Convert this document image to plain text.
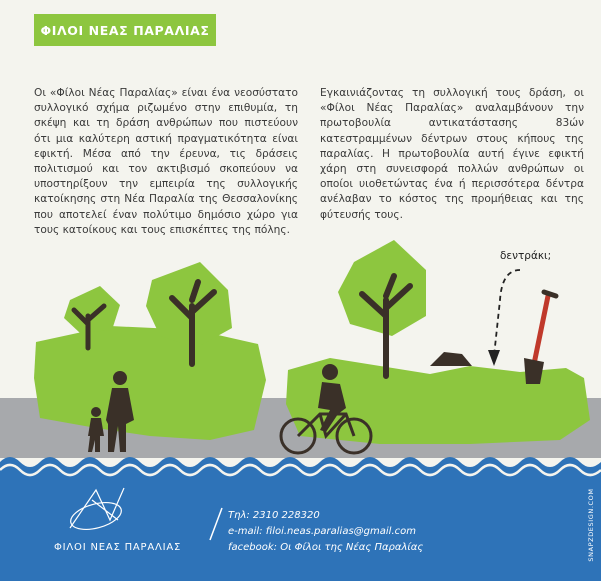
ΦΙΛΟΙ ΝΕΑΣ ΠΑΡΑΛΙΑΣ
Οι «Φίλοι Νέας Παραλίας» είναι ένα νεοσύστατο συλλογικό σχήμα ριζωμένο στην επιθυμία, τη σκέψη και τη δράση ανθρώπων που πιστεύουν ότι μια καλύτερη αστική πραγματικότητα είναι εφικτή. Μέσα από την έρευνα, τις δράσεις πολιτισμού και τον ακτιβισμό σκοπεύουν να υποστηρίξουν την εμπειρία της συλλογικής κατοίκησης στη Νέα Παραλία της Θεσσαλονίκης που αποτελεί έναν πολύτιμο δημόσιο χώρο για τους κατοίκους και τους επισκέπτες της πόλης.
Εγκαινιάζοντας τη συλλογική τους δράση, οι «Φίλοι Νέας Παραλίας» αναλαμβάνουν την πρωτοβουλία αντικατάστασης 83ών κατεστραμμένων δέντρων στους κήπους της παραλίας. Η πρωτοβουλία αυτή έγινε εφικτή χάρη στη συνεισφορά πολλών ανθρώπων οι οποίοι υιοθετώντας ένα ή περισσότερα δέντρα ανέλαβαν το κόστος της προμήθειας και της φύτευσής τους.
δεντράκι;
ΦΙΛΟΙ ΝΕΑΣ ΠΑΡΑΛΙΑΣ
Τηλ: 2310 228320
e-mail: filoi.neas.paralias@gmail.com
facebook: Οι Φίλοι της Νέας Παραλίας	SNAPZDESIGN.COM
